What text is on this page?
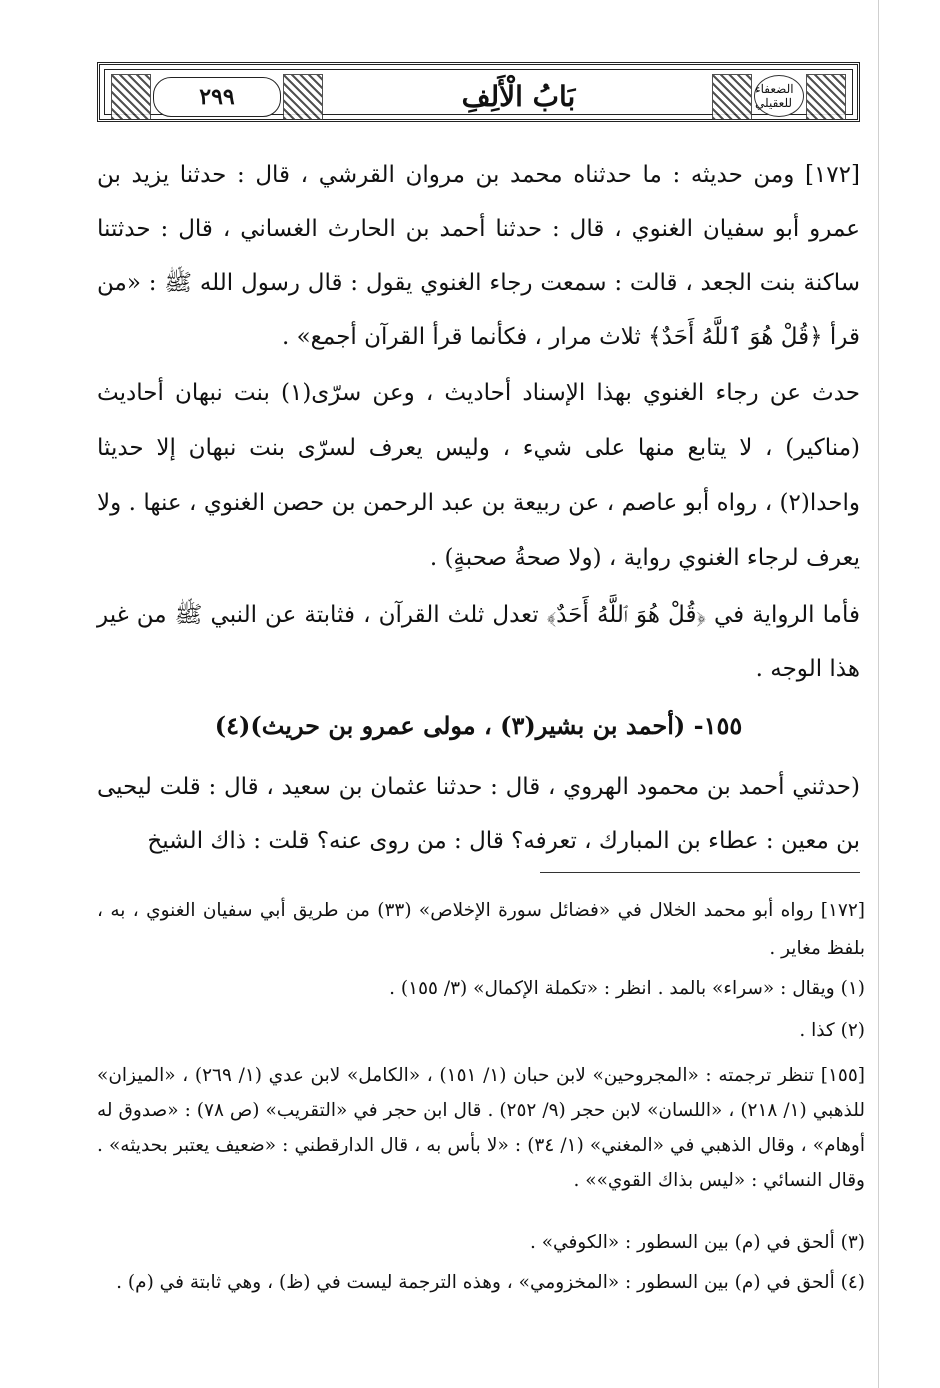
٢٩٩	بَابُ الْأَلِفِ	الضعفاء للعقيلي

[١٧٢] ومن حديثه : ما حدثناه محمد بن مروان القرشي ، قال : حدثنا يزيد بن عمرو أبو سفيان الغنوي ، قال : حدثنا أحمد بن الحارث الغساني ، قال : حدثتنا ساكنة بنت الجعد ، قالت : سمعت رجاء الغنوي يقول : قال رسول الله ﷺ : «من قرأ ﴿قُلْ هُوَ ٱللَّهُ أَحَدٌ﴾ ثلاث مرار ، فكأنما قرأ القرآن أجمع» .

حدث عن رجاء الغنوي بهذا الإسناد أحاديث ، وعن سرّى(١) بنت نبهان أحاديث (مناكير) ، لا يتابع منها على شيء ، وليس يعرف لسرّى بنت نبهان إلا حديثا واحدا(٢) ، رواه أبو عاصم ، عن ربيعة بن عبد الرحمن بن حصن الغنوي ، عنها . ولا يعرف لرجاء الغنوي رواية ، (ولا صحةُ صحبةٍ) .

فأما الرواية في ﴿قُلْ هُوَ ٱللَّهُ أَحَدٌ﴾ تعدل ثلث القرآن ، فثابتة عن النبي ﷺ من غير هذا الوجه .

١٥٥- (أحمد بن بشير(٣) ، مولى عمرو بن حريث)(٤)

(حدثني أحمد بن محمود الهروي ، قال : حدثنا عثمان بن سعيد ، قال : قلت ليحيى بن معين : عطاء بن المبارك ، تعرفه؟ قال : من روى عنه؟ قلت : ذاك الشيخ

[١٧٢] رواه أبو محمد الخلال في «فضائل سورة الإخلاص» (٣٣) من طريق أبي سفيان الغنوي ، به ، بلفظ مغاير .

(١) ويقال : «سراء» بالمد . انظر : «تكملة الإكمال» (٣/ ١٥٥) .

(٢) كذا .

[١٥٥] تنظر ترجمته : «المجروحين» لابن حبان (١/ ١٥١) ، «الكامل» لابن عدي (١/ ٢٦٩) ، «الميزان» للذهبي (١/ ٢١٨) ، «اللسان» لابن حجر (٩/ ٢٥٢) . قال ابن حجر في «التقريب» (ص ٧٨) : «صدوق له أوهام» ، وقال الذهبي في «المغني» (١/ ٣٤) : «لا بأس به ، قال الدارقطني : «ضعيف يعتبر بحديثه» . وقال النسائي : «ليس بذاك القوي»» .

(٣) ألحق في (م) بين السطور : «الكوفي» .

(٤) ألحق في (م) بين السطور : «المخزومي» ، وهذه الترجمة ليست في (ظ) ، وهي ثابتة في (م) .
